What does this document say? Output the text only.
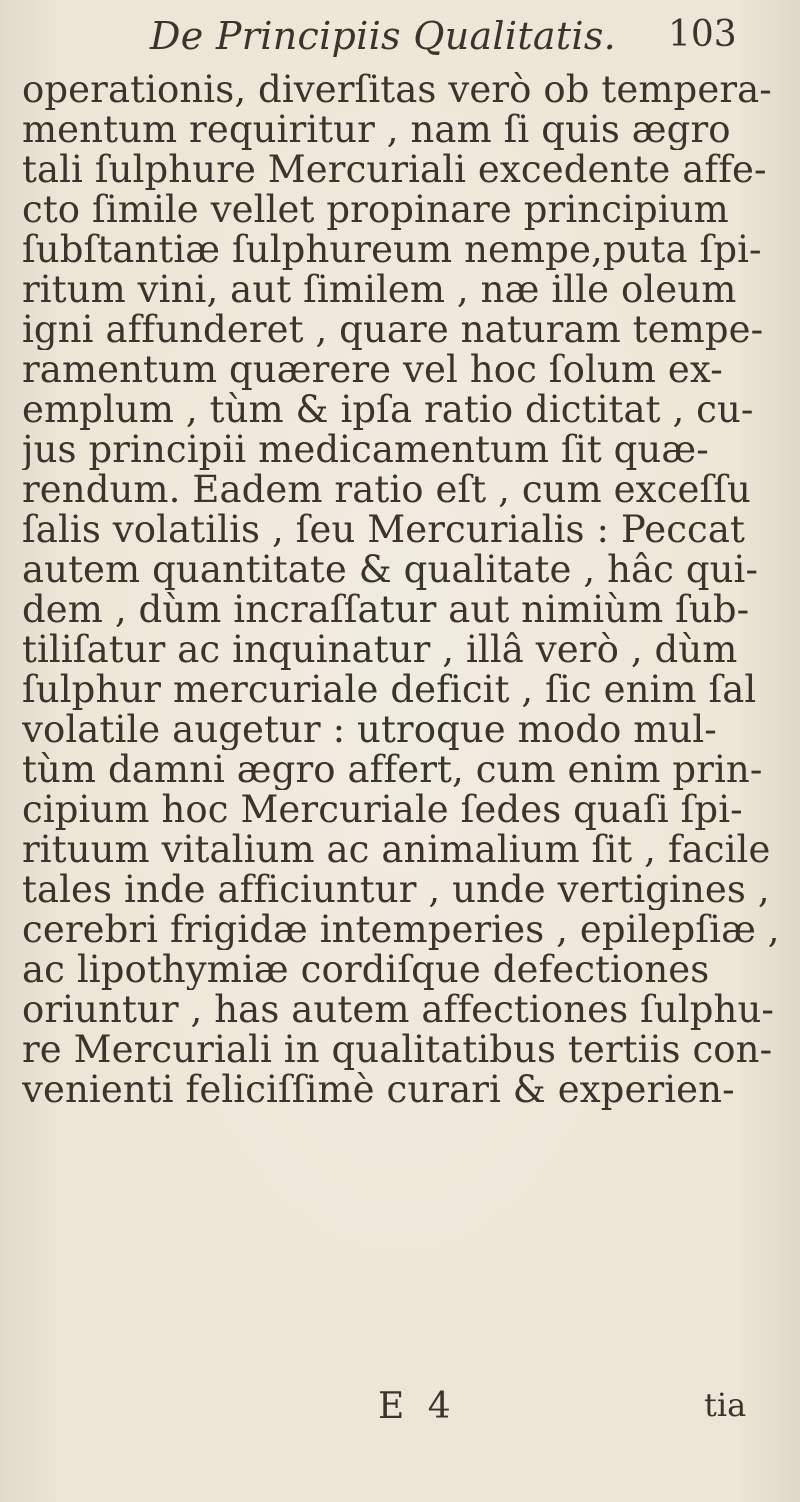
De Principiis Qualitatis. 103
operationis, diverſitas verò ob tempera-
mentum requiritur , nam ſi quis ægro
tali ſulphure Mercuriali excedente affe-
cto ſimile vellet propinare principium
ſubſtantiæ ſulphureum nempe,puta ſpi-
ritum vini, aut ſimilem , næ ille oleum
igni affunderet , quare naturam tempe-
ramentum quærere vel hoc ſolum ex-
emplum , tùm & ipſa ratio dictitat , cu-
jus principii medicamentum ſit quæ-
rendum. Eadem ratio eſt , cum exceſſu
ſalis volatilis , ſeu Mercurialis : Peccat
autem quantitate & qualitate , hâc qui-
dem , dùm incraſſatur aut nimiùm ſub-
tiliſatur ac inquinatur , illâ verò , dùm
ſulphur mercuriale deficit , ſic enim ſal
volatile augetur : utroque modo mul-
tùm damni ægro affert, cum enim prin-
cipium hoc Mercuriale ſedes quaſi ſpi-
rituum vitalium ac animalium ſit , facile
tales inde afficiuntur , unde vertigines ,
cerebri frigidæ intemperies , epilepſiæ ,
ac lipothymiæ cordiſque defectiones
oriuntur , has autem affectiones ſulphu-
re Mercuriali in qualitatibus tertiis con-
venienti feliciſſimè curari & experien-
E 4	tia
